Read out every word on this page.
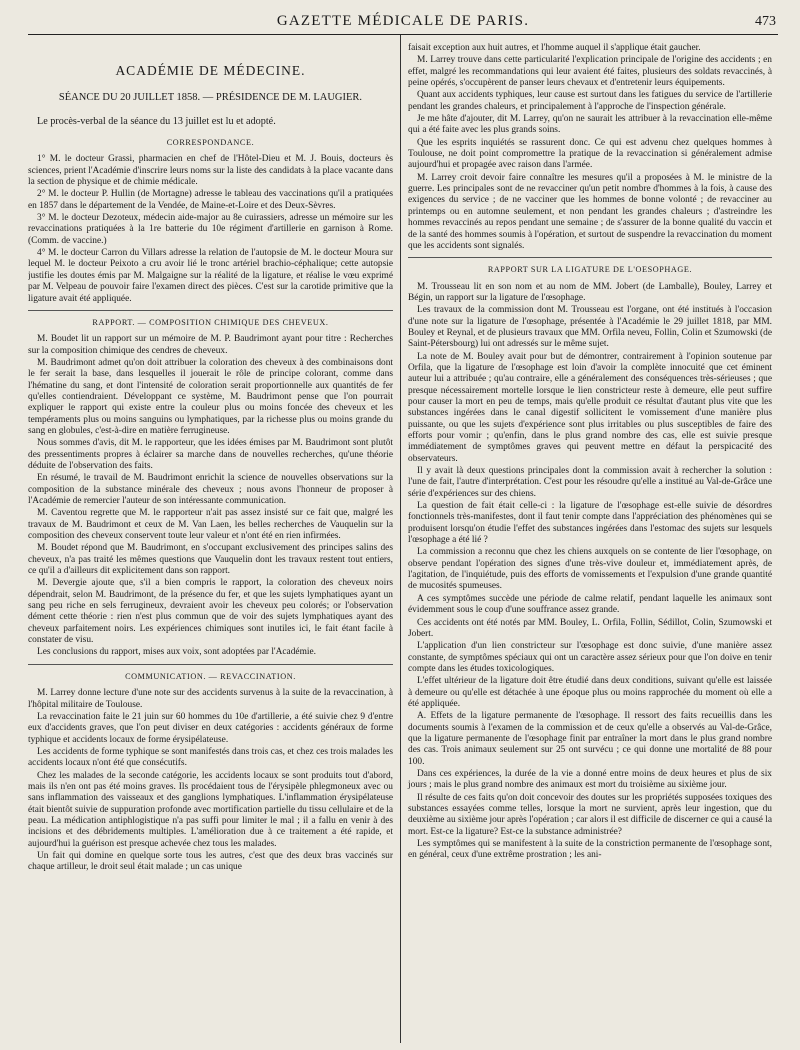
GAZETTE MÉDICALE DE PARIS.	473
ACADÉMIE DE MÉDECINE.
SÉANCE DU 20 JUILLET 1858. — PRÉSIDENCE DE M. LAUGIER.

Le procès-verbal de la séance du 13 juillet est lu et adopté.

CORRESPONDANCE.

1° M. le docteur Grassi, pharmacien en chef de l'Hôtel-Dieu et M. J. Bouis, docteurs ès sciences, prient l'Académie d'inscrire leurs noms sur la liste des candidats à la place vacante dans la section de physique et de chimie médicale.

2° M. le docteur P. Hullin (de Mortagne) adresse le tableau des vaccinations qu'il a pratiquées en 1857 dans le département de la Vendée, de Maine-et-Loire et des Deux-Sèvres.

3° M. le docteur Dezoteux, médecin aide-major au 8e cuirassiers, adresse un mémoire sur les revaccinations pratiquées à la 1re batterie du 10e régiment d'artillerie en garnison à Rome. (Comm. de vaccine.)

4° M. le docteur Carron du Villars adresse la relation de l'autopsie de M. le docteur Moura sur lequel M. le docteur Peixoto a cru avoir lié le tronc artériel brachio-céphalique; cette autopsie justifie les doutes émis par M. Malgaigne sur la réalité de la ligature, et réalise le vœu exprimé par M. Velpeau de pouvoir faire l'examen direct des pièces. C'est sur la carotide primitive que la ligature avait été appliquée.

RAPPORT. — COMPOSITION CHIMIQUE DES CHEVEUX.

M. Boudet lit un rapport sur un mémoire de M. P. Baudrimont ayant pour titre : Recherches sur la composition chimique des cendres de cheveux.

M. Baudrimont admet qu'on doit attribuer la coloration des cheveux à des combinaisons dont le fer serait la base, dans lesquelles il jouerait le rôle de principe colorant, comme dans l'hématine du sang, et dont l'intensité de coloration serait proportionnelle aux quantités de fer qu'elles contiendraient. Développant ce système, M. Baudrimont pense que l'on pourrait expliquer le rapport qui existe entre la couleur plus ou moins foncée des cheveux et les tempéraments plus ou moins sanguins ou lymphatiques, par la richesse plus ou moins grande du sang en globules, c'est-à-dire en matière ferrugineuse.

Nous sommes d'avis, dit M. le rapporteur, que les idées émises par M. Baudrimont sont plutôt des pressentiments propres à éclairer sa marche dans de nouvelles recherches, qu'une théorie déduite de l'observation des faits.

En résumé, le travail de M. Baudrimont enrichit la science de nouvelles observations sur la composition de la substance minérale des cheveux ; nous avons l'honneur de proposer à l'Académie de remercier l'auteur de son intéressante communication.

M. Caventou regrette que M. le rapporteur n'ait pas assez insisté sur ce fait que, malgré les travaux de M. Baudrimont et ceux de M. Van Laen, les belles recherches de Vauquelin sur la composition des cheveux conservent toute leur valeur et n'ont été en rien infirmées.

M. Boudet répond que M. Baudrimont, en s'occupant exclusivement des principes salins des cheveux, n'a pas traité les mêmes questions que Vauquelin dont les travaux restent tout entiers, ce qu'il a d'ailleurs dit explicitement dans son rapport.

M. Devergie ajoute que, s'il a bien compris le rapport, la coloration des cheveux noirs dépendrait, selon M. Baudrimont, de la présence du fer, et que les sujets lymphatiques ayant un sang peu riche en sels ferrugineux, devraient avoir les cheveux peu colorés; or l'observation dément cette théorie : rien n'est plus commun que de voir des sujets lymphatiques ayant des cheveux parfaitement noirs. Les expériences chimiques sont inutiles ici, le fait étant facile à constater de visu.

Les conclusions du rapport, mises aux voix, sont adoptées par l'Académie.

COMMUNICATION. — REVACCINATION.

M. Larrey donne lecture d'une note sur des accidents survenus à la suite de la revaccination, à l'hôpital militaire de Toulouse.

La revaccination faite le 21 juin sur 60 hommes du 10e d'artillerie, a été suivie chez 9 d'entre eux d'accidents graves, que l'on peut diviser en deux catégories : accidents généraux de forme typhique et accidents locaux de forme érysipélateuse.

Les accidents de forme typhique se sont manifestés dans trois cas, et chez ces trois malades les accidents locaux n'ont été que consécutifs.

Chez les malades de la seconde catégorie, les accidents locaux se sont produits tout d'abord, mais ils n'en ont pas été moins graves. Ils procédaient tous de l'érysipèle phlegmoneux avec ou sans inflammation des vaisseaux et des ganglions lymphatiques. L'inflammation érysipélateuse était bientôt suivie de suppuration profonde avec mortification partielle du tissu cellulaire et de la peau. La médication antiphlogistique n'a pas suffi pour limiter le mal ; il a fallu en venir à des incisions et des débridements multiples. L'amélioration due à ce traitement a été rapide, et aujourd'hui la guérison est presque achevée chez tous les malades.

Un fait qui domine en quelque sorte tous les autres, c'est que des deux bras vaccinés sur chaque artilleur, le droit seul était malade ; un cas unique

faisait exception aux huit autres, et l'homme auquel il s'applique était gaucher.

M. Larrey trouve dans cette particularité l'explication principale de l'origine des accidents ; en effet, malgré les recommandations qui leur avaient été faites, plusieurs des soldats revaccinés, à peine opérés, s'occupèrent de panser leurs chevaux et d'entretenir leurs équipements.

Quant aux accidents typhiques, leur cause est surtout dans les fatigues du service de l'artillerie pendant les grandes chaleurs, et principalement à l'approche de l'inspection générale.

Je me hâte d'ajouter, dit M. Larrey, qu'on ne saurait les attribuer à la revaccination elle-même qui a été faite avec les plus grands soins.

Que les esprits inquiétés se rassurent donc. Ce qui est advenu chez quelques hommes à Toulouse, ne doit point compromettre la pratique de la revaccination si généralement admise aujourd'hui et propagée avec raison dans l'armée.

M. Larrey croit devoir faire connaître les mesures qu'il a proposées à M. le ministre de la guerre. Les principales sont de ne revacciner qu'un petit nombre d'hommes à la fois, à cause des exigences du service ; de ne vacciner que les hommes de bonne volonté ; de revacciner au printemps ou en automne seulement, et non pendant les grandes chaleurs ; d'astreindre les hommes revaccinés au repos pendant une semaine ; de s'assurer de la bonne qualité du vaccin et de la santé des hommes soumis à l'opération, et surtout de suspendre la revaccination du moment que les accidents sont signalés.

RAPPORT SUR LA LIGATURE DE L'OESOPHAGE.

M. Trousseau lit en son nom et au nom de MM. Jobert (de Lamballe), Bouley, Larrey et Bégin, un rapport sur la ligature de l'œsophage.

Les travaux de la commission dont M. Trousseau est l'organe, ont été institués à l'occasion d'une note sur la ligature de l'œsophage, présentée à l'Académie le 29 juillet 1818, par MM. Bouley et Reynal, et de plusieurs travaux que MM. Orfila neveu, Follin, Colin et Szumowski (de Saint-Pétersbourg) lui ont adressés sur le même sujet.

La note de M. Bouley avait pour but de démontrer, contrairement à l'opinion soutenue par Orfila, que la ligature de l'œsophage est loin d'avoir la complète innocuité que cet éminent auteur lui a attribuée ; qu'au contraire, elle a généralement des conséquences très-sérieuses ; que presque nécessairement mortelle lorsque le lien constricteur reste à demeure, elle peut suffire pour causer la mort en peu de temps, mais qu'elle produit ce résultat d'autant plus vite que les substances ingérées dans le canal digestif sollicitent le vomissement d'une manière plus puissante, ou que les sujets d'expérience sont plus irritables ou plus susceptibles de faire des efforts pour vomir ; qu'enfin, dans le plus grand nombre des cas, elle est suivie presque immédiatement de symptômes graves qui peuvent mettre en défaut la perspicacité des observateurs.

Il y avait là deux questions principales dont la commission avait à rechercher la solution : l'une de fait, l'autre d'interprétation. C'est pour les résoudre qu'elle a institué au Val-de-Grâce une série d'expériences sur des chiens.

La question de fait était celle-ci : la ligature de l'œsophage est-elle suivie de désordres fonctionnels très-manifestes, dont il faut tenir compte dans l'appréciation des phénomènes qui se produisent lorsqu'on étudie l'effet des substances ingérées dans l'estomac des sujets sur lesquels l'œsophage a été lié ?

La commission a reconnu que chez les chiens auxquels on se contente de lier l'œsophage, on observe pendant l'opération des signes d'une très-vive douleur et, immédiatement après, de l'agitation, de l'inquiétude, puis des efforts de vomissements et l'expulsion d'une grande quantité de mucosités spumeuses.

A ces symptômes succède une période de calme relatif, pendant laquelle les animaux sont évidemment sous le coup d'une souffrance assez grande.

Ces accidents ont été notés par MM. Bouley, L. Orfila, Follin, Sédillot, Colin, Szumowski et Jobert.

L'application d'un lien constricteur sur l'œsophage est donc suivie, d'une manière assez constante, de symptômes spéciaux qui ont un caractère assez sérieux pour que l'on doive en tenir compte dans les études toxicologiques.

L'effet ultérieur de la ligature doit être étudié dans deux conditions, suivant qu'elle est laissée à demeure ou qu'elle est détachée à une époque plus ou moins rapprochée du moment où elle a été appliquée.

A. Effets de la ligature permanente de l'œsophage. Il ressort des faits recueillis dans les documents soumis à l'examen de la commission et de ceux qu'elle a observés au Val-de-Grâce, que la ligature permanente de l'œsophage finit par entraîner la mort dans le plus grand nombre des cas. Trois animaux seulement sur 25 ont survécu ; ce qui donne une mortalité de 88 pour 100.

Dans ces expériences, la durée de la vie a donné entre moins de deux heures et plus de six jours ; mais le plus grand nombre des animaux est mort du troisième au sixième jour.

Il résulte de ces faits qu'on doit concevoir des doutes sur les propriétés supposées toxiques des substances essayées comme telles, lorsque la mort ne survient, après leur ingestion, que du deuxième au sixième jour après l'opération ; car alors il est difficile de discerner ce qui a causé la mort. Est-ce la ligature? Est-ce la substance administrée?

Les symptômes qui se manifestent à la suite de la constriction permanente de l'œsophage sont, en général, ceux d'une extrême prostration ; les ani-
